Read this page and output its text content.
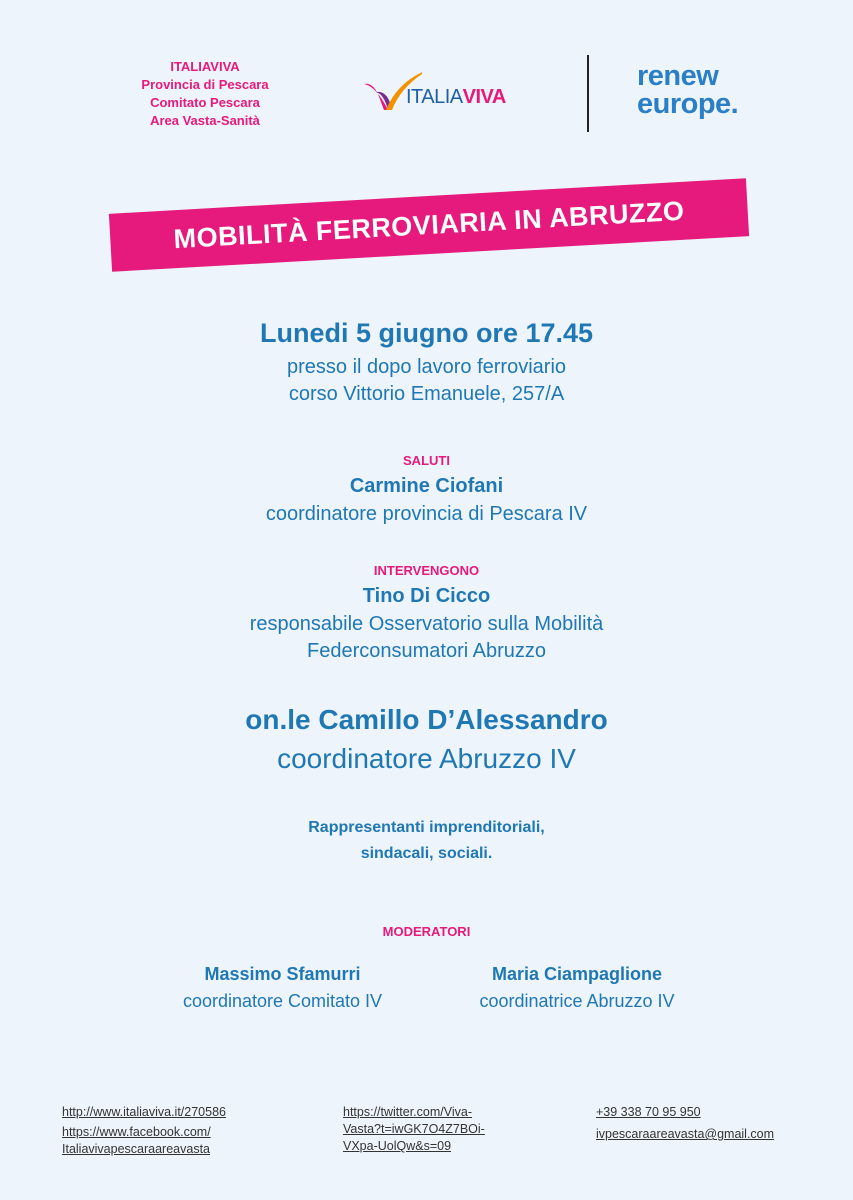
ITALIAVIVA
Provincia di Pescara
Comitato Pescara
Area Vasta-Sanità
ITALIAVIVA
renew
europe.
MOBILITÀ FERROVIARIA IN ABRUZZO
Lunedi 5 giugno ore 17.45
presso il dopo lavoro ferroviario
corso Vittorio Emanuele, 257/A
SALUTI
Carmine Ciofani
coordinatore provincia di Pescara IV
INTERVENGONO
Tino Di Cicco
responsabile Osservatorio sulla Mobilità
Federconsumatori Abruzzo
on.le Camillo D’Alessandro
coordinatore Abruzzo IV
Rappresentanti imprenditoriali,
sindacali, sociali.
MODERATORI
Massimo Sfamurri
coordinatore Comitato IV
Maria Ciampaglione
coordinatrice Abruzzo IV
http://www.italiaviva.it/270586
https://www.facebook.com/
Italiavivapescaraareavasta
https://twitter.com/Viva-
Vasta?t=iwGK7O4Z7BOi-
VXpa-UolQw&s=09
+39 338 70 95 950
ivpescaraareavasta@gmail.com
